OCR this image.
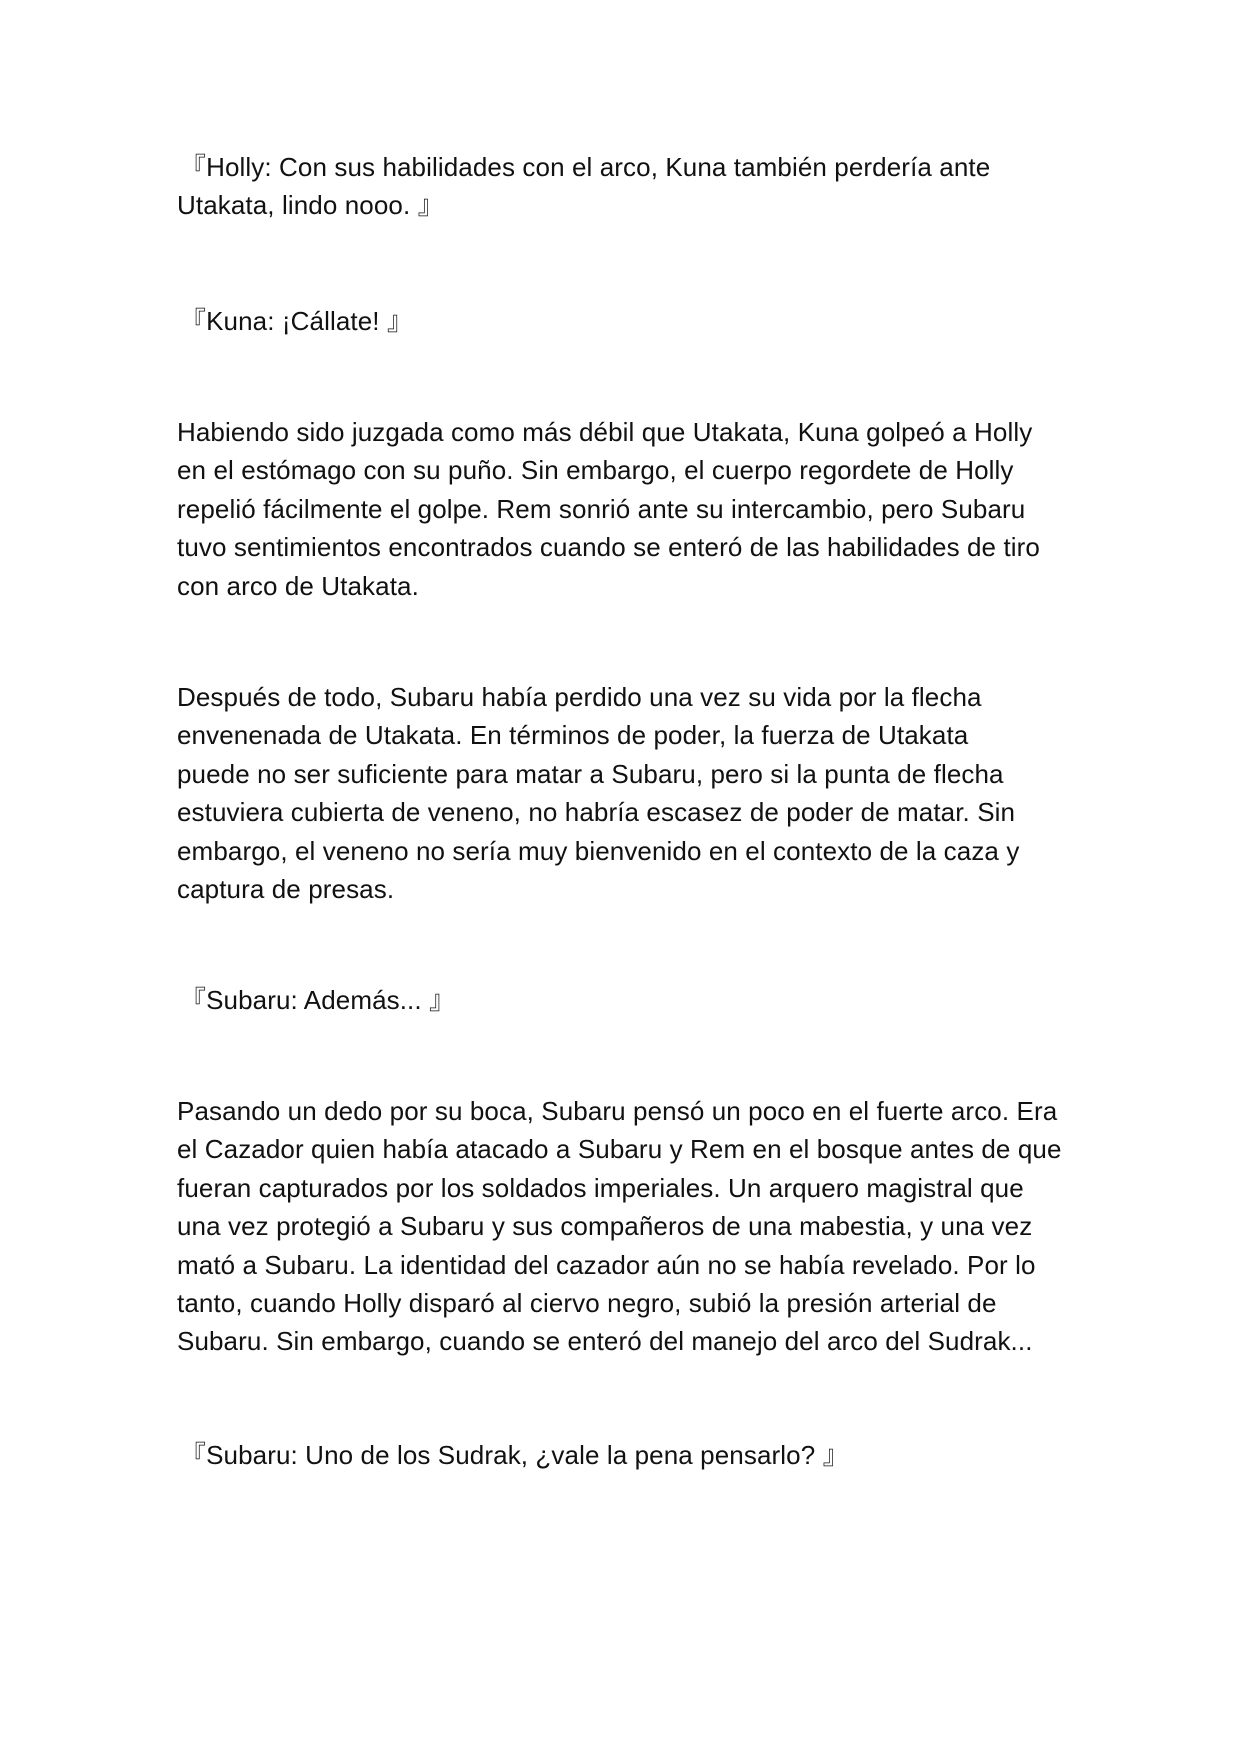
『Holly: Con sus habilidades con el arco, Kuna también perdería ante
Utakata, lindo nooo. 』
『Kuna: ¡Cállate! 』
Habiendo sido juzgada como más débil que Utakata, Kuna golpeó a Holly
en el estómago con su puño. Sin embargo, el cuerpo regordete de Holly
repelió fácilmente el golpe. Rem sonrió ante su intercambio, pero Subaru
tuvo sentimientos encontrados cuando se enteró de las habilidades de tiro
con arco de Utakata.
Después de todo, Subaru había perdido una vez su vida por la flecha
envenenada de Utakata. En términos de poder, la fuerza de Utakata
puede no ser suficiente para matar a Subaru, pero si la punta de flecha
estuviera cubierta de veneno, no habría escasez de poder de matar. Sin
embargo, el veneno no sería muy bienvenido en el contexto de la caza y
captura de presas.
『Subaru: Además... 』
Pasando un dedo por su boca, Subaru pensó un poco en el fuerte arco. Era
el Cazador quien había atacado a Subaru y Rem en el bosque antes de que
fueran capturados por los soldados imperiales. Un arquero magistral que
una vez protegió a Subaru y sus compañeros de una mabestia, y una vez
mató a Subaru. La identidad del cazador aún no se había revelado. Por lo
tanto, cuando Holly disparó al ciervo negro, subió la presión arterial de
Subaru. Sin embargo, cuando se enteró del manejo del arco del Sudrak...
『Subaru: Uno de los Sudrak, ¿vale la pena pensarlo? 』
